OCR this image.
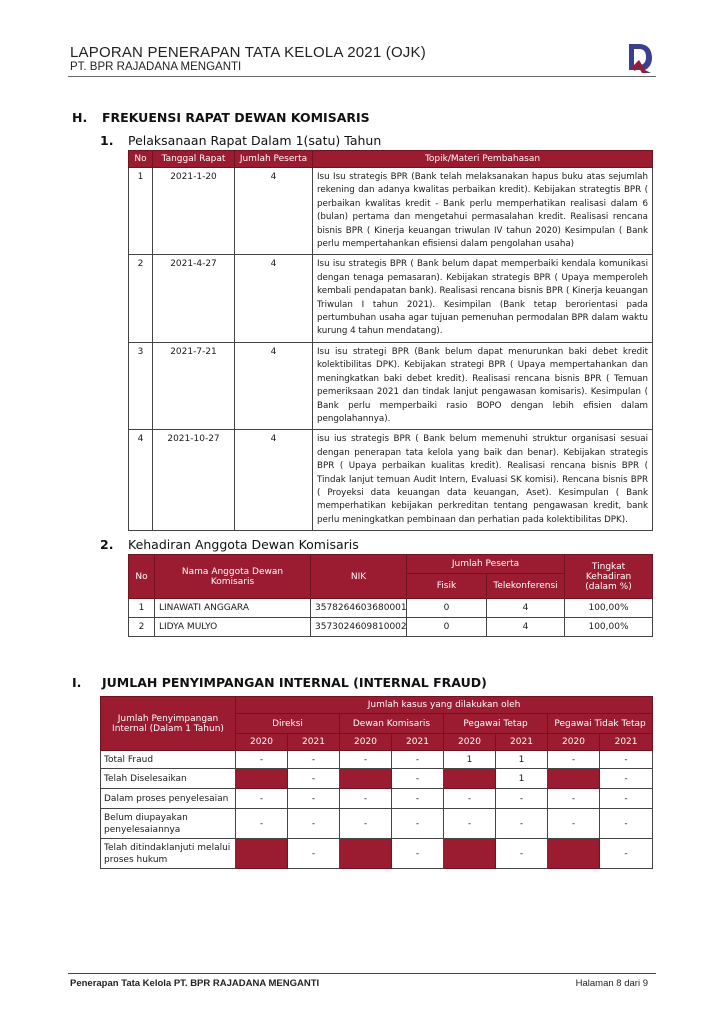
LAPORAN PENERAPAN TATA KELOLA 2021 (OJK)
PT. BPR RAJADANA MENGANTI
H. FREKUENSI RAPAT DEWAN KOMISARIS
1. Pelaksanaan Rapat Dalam 1(satu) Tahun
No	Tanggal Rapat	Jumlah Peserta	Topik/Materi Pembahasan
1	2021-1-20	4	Isu Isu strategis BPR (Bank telah melaksanakan hapus buku atas sejumlah rekening dan adanya kwalitas perbaikan kredit). Kebijakan strategtis BPR ( perbaikan kwalitas kredit - Bank perlu memperhatikan realisasi dalam 6 (bulan) pertama dan mengetahui permasalahan kredit. Realisasi rencana bisnis BPR ( Kinerja keuangan triwulan IV tahun 2020) Kesimpulan ( Bank perlu mempertahankan efisiensi dalam pengolahan usaha)
2	2021-4-27	4	Isu isu strategis BPR ( Bank belum dapat memperbaiki kendala komunikasi dengan tenaga pemasaran). Kebijakan strategis BPR ( Upaya memperoleh kembali pendapatan bank). Realisasi rencana bisnis BPR ( Kinerja keuangan Triwulan I tahun 2021). Kesimpilan (Bank tetap berorientasi pada pertumbuhan usaha agar tujuan pemenuhan permodalan BPR dalam waktu kurung 4 tahun mendatang).
3	2021-7-21	4	Isu isu strategi BPR (Bank belum dapat menurunkan baki debet kredit kolektibilitas DPK). Kebijakan strategi BPR ( Upaya mempertahankan dan meningkatkan baki debet kredit). Realisasi rencana bisnis BPR ( Temuan pemeriksaan 2021 dan tindak lanjut pengawasan komisaris). Kesimpulan ( Bank perlu memperbaiki rasio BOPO dengan lebih efisien dalam pengolahannya).
4	2021-10-27	4	isu ius strategis BPR ( Bank belum memenuhi struktur organisasi sesuai dengan penerapan tata kelola yang baik dan benar). Kebijakan strategis BPR ( Upaya perbaikan kualitas kredit). Realisasi rencana bisnis BPR ( Tindak lanjut temuan Audit Intern, Evaluasi SK komisi). Rencana bisnis BPR ( Proyeksi data keuangan data keuangan, Aset). Kesimpulan ( Bank memperhatikan kebijakan perkreditan tentang pengawasan kredit, bank perlu meningkatkan pembinaan dan perhatian pada kolektibilitas DPK).
2. Kehadiran Anggota Dewan Komisaris
No	Nama Anggota Dewan Komisaris	NIK	Jumlah Peserta		Tingkat Kehadiran (dalam %)
			Fisik	Telekonferensi	
1	LINAWATI ANGGARA	3578264603680001	0	4	100,00%
2	LIDYA MULYO	3573024609810002	0	4	100,00%
I. JUMLAH PENYIMPANGAN INTERNAL (INTERNAL FRAUD)
Jumlah Penyimpangan Internal (Dalam 1 Tahun)	Jumlah kasus yang dilakukan oleh							
	Direksi		Dewan Komisaris		Pegawai Tetap		Pegawai Tidak Tetap	
	2020	2021	2020	2021	2020	2021	2020	2021
Total Fraud	-	-	-	-	1	1	-	-
Telah Diselesaikan		-		-		1		-
Dalam proses penyelesaian	-	-	-	-	-	-	-	-
Belum diupayakan penyelesaiannya	-	-	-	-	-	-	-	-
Telah ditindaklanjuti melalui proses hukum		-		-		-		-
Penerapan Tata Kelola PT. BPR RAJADANA MENGANTI	Halaman 8 dari 9
